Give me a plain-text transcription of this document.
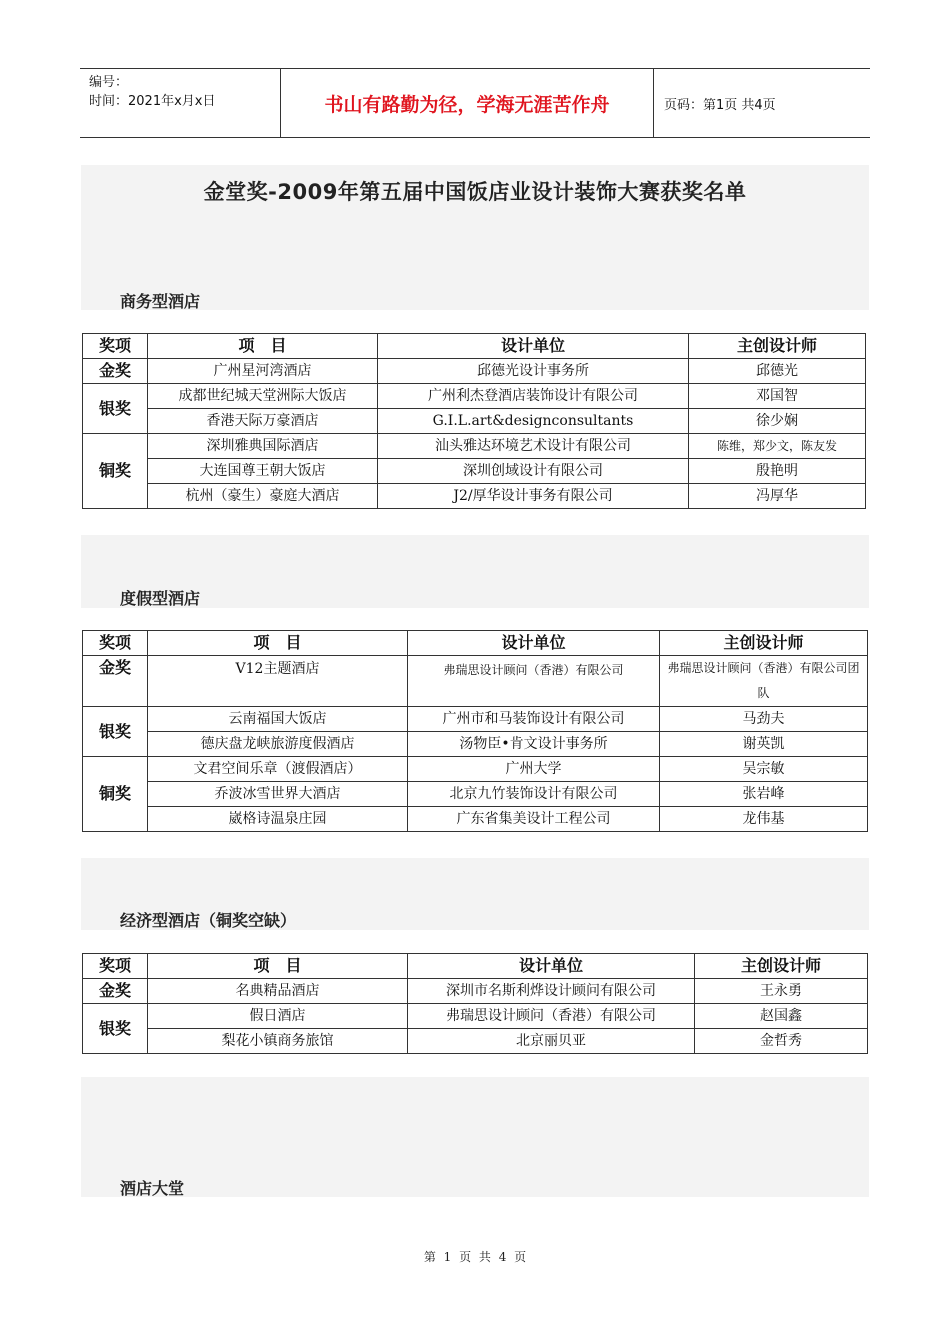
编号：
时间：2021年x月x日	书山有路勤为径，学海无涯苦作舟	页码：第1页 共4页
金堂奖-2009年第五届中国饭店业设计装饰大赛获奖名单
商务型酒店
奖项	项　目	设计单位	主创设计师
金奖	广州星河湾酒店	邱德光设计事务所	邱德光
银奖	成都世纪城天堂洲际大饭店	广州利杰登酒店装饰设计有限公司	邓国智
	香港天际万豪酒店	G.I.L.art&designconsultants	徐少娴
铜奖	深圳雅典国际酒店	汕头雅达环境艺术设计有限公司	陈维，郑少文，陈友发
	大连国尊王朝大饭店	深圳创域设计有限公司	殷艳明
	杭州（豪生）豪庭大酒店	J2/厚华设计事务有限公司	冯厚华
度假型酒店
奖项	项　目	设计单位	主创设计师
金奖	V12主题酒店	弗瑞思设计顾问（香港）有限公司	弗瑞思设计顾问（香港）有限公司团队
银奖	云南福国大饭店	广州市和马装饰设计有限公司	马劲夫
	德庆盘龙峡旅游度假酒店	汤物臣•肯文设计事务所	谢英凯
铜奖	文君空间乐章（渡假酒店）	广州大学	吴宗敏
	乔波冰雪世界大酒店	北京九竹装饰设计有限公司	张岩峰
	崴格诗温泉庄园	广东省集美设计工程公司	龙伟基
经济型酒店（铜奖空缺）
奖项	项　目	设计单位	主创设计师
金奖	名典精品酒店	深圳市名斯利烨设计顾问有限公司	王永勇
银奖	假日酒店	弗瑞思设计顾问（香港）有限公司	赵国鑫
	梨花小镇商务旅馆	北京丽贝亚	金哲秀
酒店大堂
第 1 页 共 4 页
